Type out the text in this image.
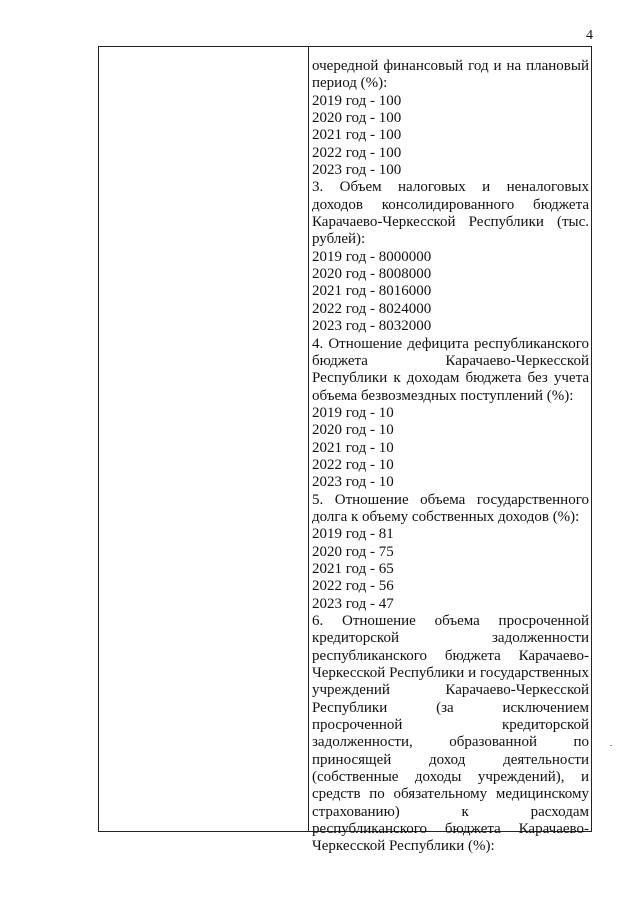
4
очередной финансовый год и на плановый период (%):
2019 год - 100
2020 год - 100
2021 год - 100
2022 год - 100
2023 год - 100
3. Объем налоговых и неналоговых доходов консолидированного бюджета Карачаево-Черкесской Республики (тыс. рублей):
2019 год - 8000000
2020 год - 8008000
2021 год - 8016000
2022 год - 8024000
2023 год - 8032000
4. Отношение дефицита республиканского бюджета Карачаево-Черкесской Республики к доходам бюджета без учета объема безвозмездных поступлений (%):
2019 год - 10
2020 год - 10
2021 год - 10
2022 год - 10
2023 год - 10
5. Отношение объема государственного долга к объему собственных доходов (%):
2019 год - 81
2020 год - 75
2021 год - 65
2022 год - 56
2023 год - 47
6. Отношение объема просроченной кредиторской задолженности республиканского бюджета Карачаево-Черкесской Республики и государственных учреждений Карачаево-Черкесской Республики (за исключением просроченной кредиторской задолженности, образованной по приносящей доход деятельности (собственные доходы учреждений), и средств по обязательному медицинскому страхованию) к расходам республиканского бюджета Карачаево-Черкесской Республики (%):
